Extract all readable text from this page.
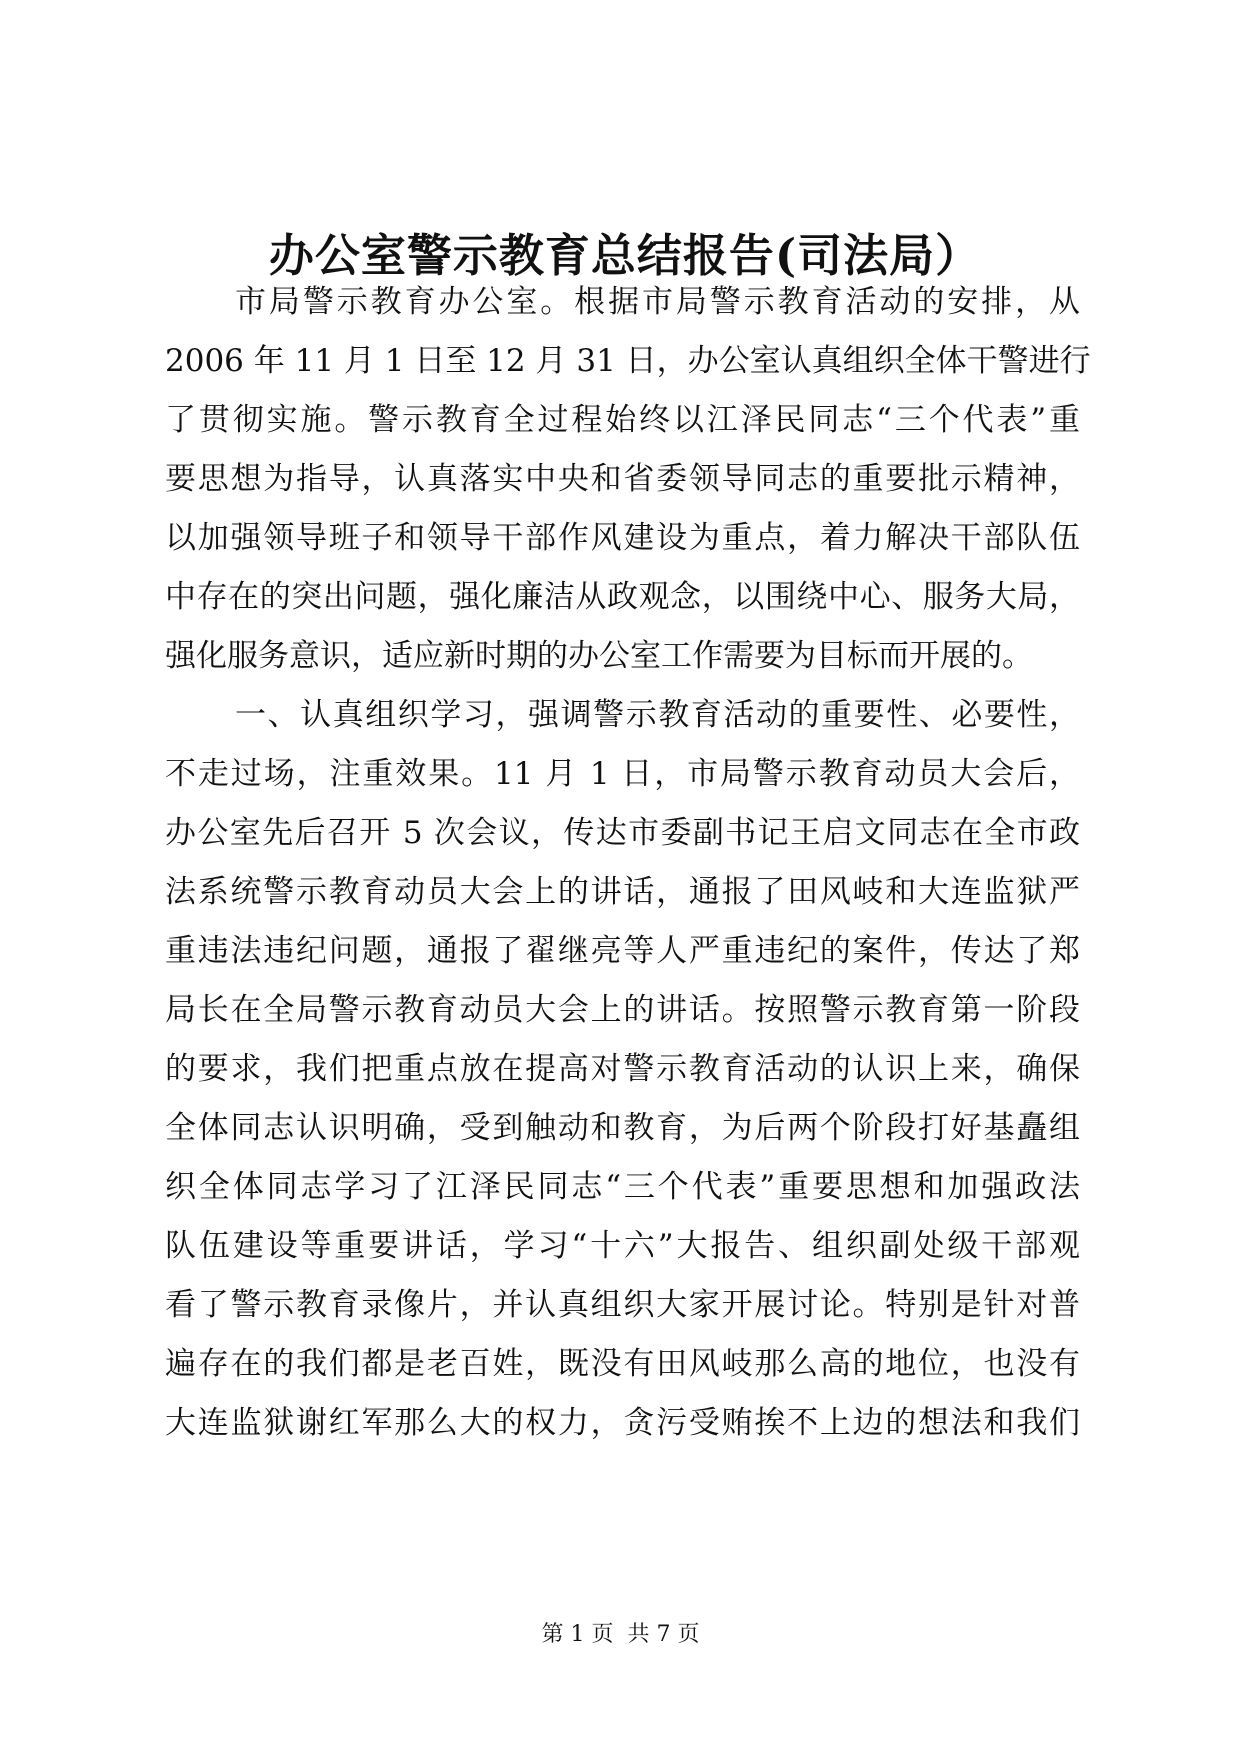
办公室警示教育总结报告(司法局）
市局警示教育办公室。根据市局警示教育活动的安排，从
2006 年 11 月 1 日至 12 月 31 日，办公室认真组织全体干警进行
了贯彻实施。警示教育全过程始终以江泽民同志“三个代表”重
要思想为指导，认真落实中央和省委领导同志的重要批示精神，
以加强领导班子和领导干部作风建设为重点，着力解决干部队伍
中存在的突出问题，强化廉洁从政观念，以围绕中心、服务大局，
强化服务意识，适应新时期的办公室工作需要为目标而开展的。
一、认真组织学习，强调警示教育活动的重要性、必要性，
不走过场，注重效果。11 月 1 日，市局警示教育动员大会后，
办公室先后召开 5 次会议，传达市委副书记王启文同志在全市政
法系统警示教育动员大会上的讲话，通报了田风岐和大连监狱严
重违法违纪问题，通报了翟继亮等人严重违纪的案件，传达了郑
局长在全局警示教育动员大会上的讲话。按照警示教育第一阶段
的要求，我们把重点放在提高对警示教育活动的认识上来，确保
全体同志认识明确，受到触动和教育，为后两个阶段打好基矗组
织全体同志学习了江泽民同志“三个代表”重要思想和加强政法
队伍建设等重要讲话，学习“十六”大报告、组织副处级干部观
看了警示教育录像片，并认真组织大家开展讨论。特别是针对普
遍存在的我们都是老百姓，既没有田风岐那么高的地位，也没有
大连监狱谢红军那么大的权力，贪污受贿挨不上边的想法和我们
第 1 页  共 7 页
